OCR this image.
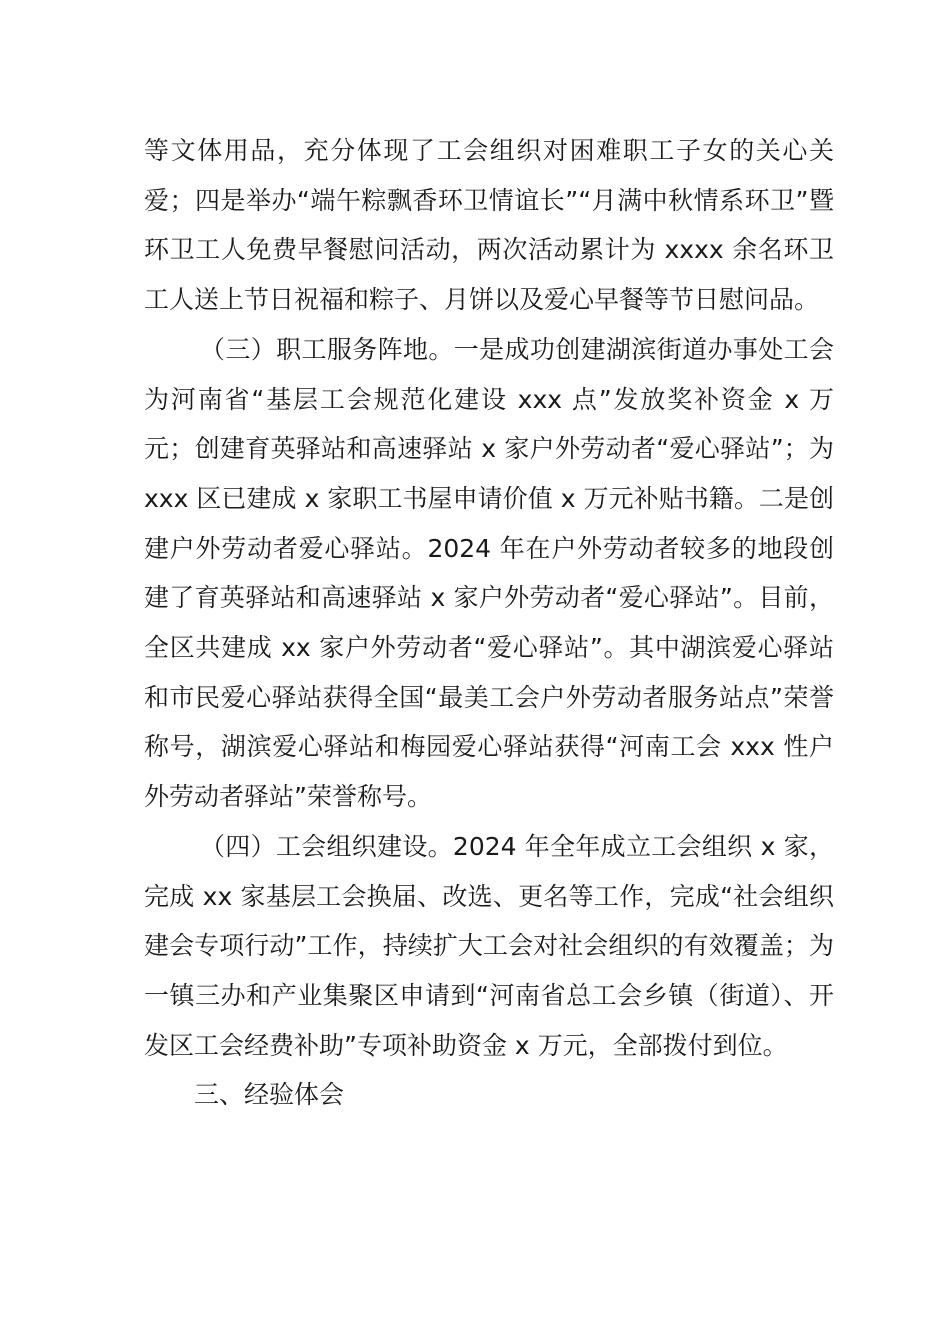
等文体用品，充分体现了工会组织对困难职工子女的关心关爱；四是举办“端午粽飘香环卫情谊长”“月满中秋情系环卫”暨环卫工人免费早餐慰问活动，两次活动累计为 xxxx 余名环卫工人送上节日祝福和粽子、月饼以及爱心早餐等节日慰问品。

（三）职工服务阵地。一是成功创建湖滨街道办事处工会为河南省“基层工会规范化建设 xxx 点”发放奖补资金 x 万元；创建育英驿站和高速驿站 x 家户外劳动者“爱心驿站”；为 xxx 区已建成 x 家职工书屋申请价值 x 万元补贴书籍。二是创建户外劳动者爱心驿站。2024 年在户外劳动者较多的地段创建了育英驿站和高速驿站 x 家户外劳动者“爱心驿站”。目前，全区共建成 xx 家户外劳动者“爱心驿站”。其中湖滨爱心驿站和市民爱心驿站获得全国“最美工会户外劳动者服务站点”荣誉称号，湖滨爱心驿站和梅园爱心驿站获得“河南工会 xxx 性户外劳动者驿站”荣誉称号。

（四）工会组织建设。2024 年全年成立工会组织 x 家，完成 xx 家基层工会换届、改选、更名等工作，完成“社会组织建会专项行动”工作，持续扩大工会对社会组织的有效覆盖；为一镇三办和产业集聚区申请到“河南省总工会乡镇（街道）、开发区工会经费补助”专项补助资金 x 万元，全部拨付到位。

三、经验体会
